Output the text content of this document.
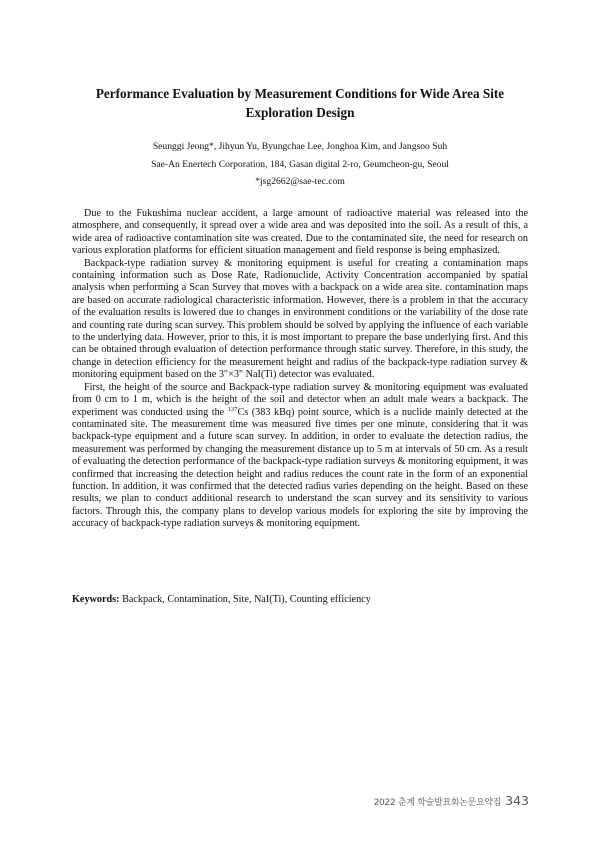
Performance Evaluation by Measurement Conditions for Wide Area Site Exploration Design
Seunggi Jeong*, Jihyun Yu, Byungchae Lee, Jonghoa Kim, and Jangsoo Suh
Sae-An Enertech Corporation, 184, Gasan digital 2-ro, Geumcheon-gu, Seoul
*jsg2662@sae-tec.com

Due to the Fukushima nuclear accident, a large amount of radioactive material was released into the atmosphere, and consequently, it spread over a wide area and was deposited into the soil. As a result of this, a wide area of radioactive contamination site was created. Due to the contaminated site, the need for research on various exploration platforms for efficient situation management and field response is being emphasized.

Backpack-type radiation survey & monitoring equipment is useful for creating a contamination maps containing information such as Dose Rate, Radionuclide, Activity Concentration accompanied by spatial analysis when performing a Scan Survey that moves with a backpack on a wide area site. contamination maps are based on accurate radiological characteristic information. However, there is a problem in that the accuracy of the evaluation results is lowered due to changes in environment conditions or the variability of the dose rate and counting rate during scan survey. This problem should be solved by applying the influence of each variable to the underlying data. However, prior to this, it is most important to prepare the base underlying first. And this can be obtained through evaluation of detection performance through static survey. Therefore, in this study, the change in detection efficiency for the measurement height and radius of the backpack-type radiation survey & monitoring equipment based on the 3"×3" NaI(Ti) detector was evaluated.

First, the height of the source and Backpack-type radiation survey & monitoring equipment was evaluated from 0 cm to 1 m, which is the height of the soil and detector when an adult male wears a backpack. The experiment was conducted using the $^{137}$Cs (383 kBq) point source, which is a nuclide mainly detected at the contaminated site. The measurement time was measured five times per one minute, considering that it was backpack-type equipment and a future scan survey. In addition, in order to evaluate the detection radius, the measurement was performed by changing the measurement distance up to 5 m at intervals of 50 cm. As a result of evaluating the detection performance of the backpack-type radiation surveys & monitoring equipment, it was confirmed that increasing the detection height and radius reduces the count rate in the form of an exponential function. In addition, it was confirmed that the detected radius varies depending on the height. Based on these results, we plan to conduct additional research to understand the scan survey and its sensitivity to various factors. Through this, the company plans to develop various models for exploring the site by improving the accuracy of backpack-type radiation surveys & monitoring equipment.

Keywords: Backpack, Contamination, Site, NaI(Ti), Counting efficiency
2022 춘계 학술발표회논문요약집 343
